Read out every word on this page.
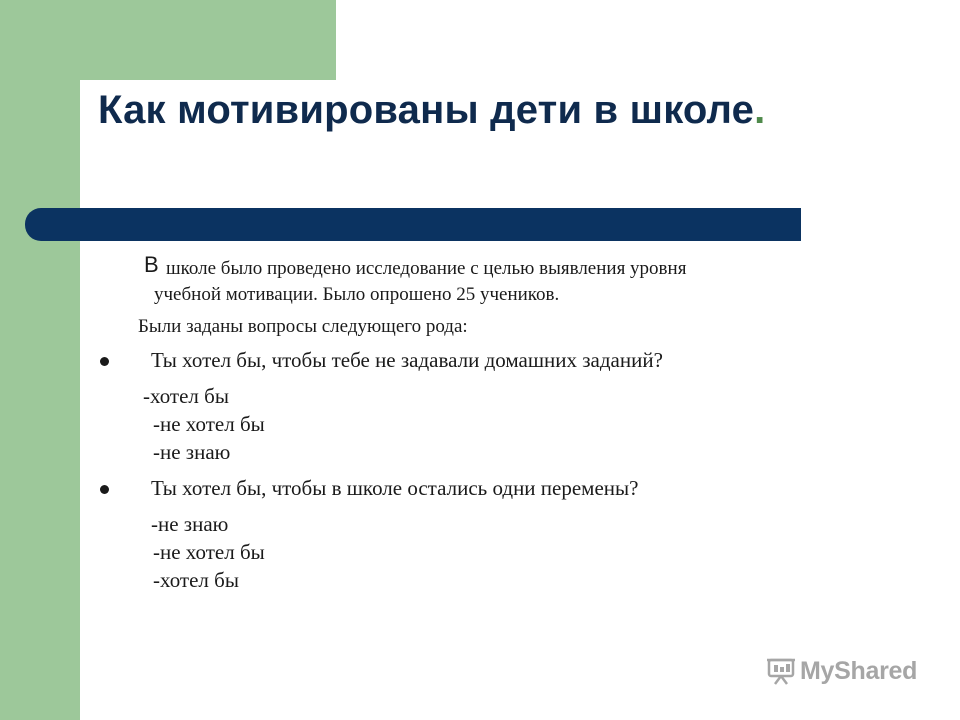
Как мотивированы дети в школе.
В школе было проведено исследование с целью выявления уровня
учебной мотивации. Было опрошено 25 учеников.
Были заданы вопросы следующего рода:
Ты хотел бы, чтобы тебе не задавали домашних заданий?
-хотел бы
-не хотел бы
-не знаю
Ты хотел бы, чтобы в школе остались одни перемены?
-не знаю
-не хотел бы
-хотел бы
MyShared
